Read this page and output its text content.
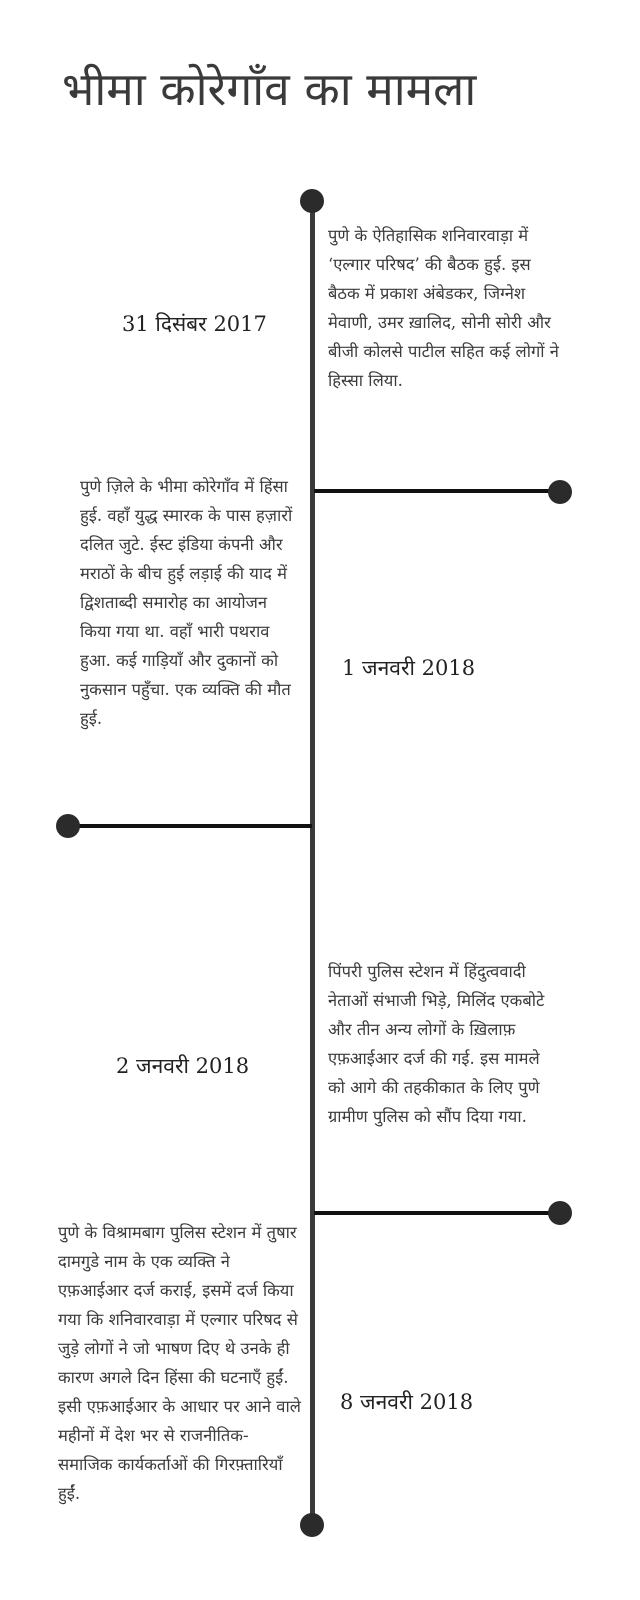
भीमा कोरेगाँव का मामला
31 दिसंबर 2017

पुणे के ऐतिहासिक शनिवारवाड़ा में ‘एल्गार परिषद’ की बैठक हुई. इस बैठक में प्रकाश अंबेडकर, जिग्नेश मेवाणी, उमर ख़ालिद, सोनी सोरी और बीजी कोलसे पाटील सहित कई लोगों ने हिस्सा लिया.

1 जनवरी 2018

पुणे ज़िले के भीमा कोरेगाँव में हिंसा हुई. वहाँ युद्ध स्मारक के पास हज़ारों दलित जुटे. ईस्ट इंडिया कंपनी और मराठों के बीच हुई लड़ाई की याद में द्विशताब्दी समारोह का आयोजन किया गया था. वहाँ भारी पथराव हुआ. कई गाड़ियाँ और दुकानों को नुकसान पहुँचा. एक व्यक्ति की मौत हुई.

2 जनवरी 2018

पिंपरी पुलिस स्टेशन में हिंदुत्ववादी नेताओं संभाजी भिड़े, मिलिंद एकबोटे और तीन अन्य लोगों के ख़िलाफ़ एफ़आईआर दर्ज की गई. इस मामले को आगे की तहकीकात के लिए पुणे ग्रामीण पुलिस को सौंप दिया गया.

8 जनवरी 2018

पुणे के विश्रामबाग पुलिस स्टेशन में तुषार दामगुडे नाम के एक व्यक्ति ने एफ़आईआर दर्ज कराई, इसमें दर्ज किया गया कि शनिवारवाड़ा में एल्गार परिषद से जुड़े लोगों ने जो भाषण दिए थे उनके ही कारण अगले दिन हिंसा की घटनाएँ हुईं. इसी एफ़आईआर के आधार पर आने वाले महीनों में देश भर से राजनीतिक-समाजिक कार्यकर्ताओं की गिरफ़्तारियाँ हुईं.
